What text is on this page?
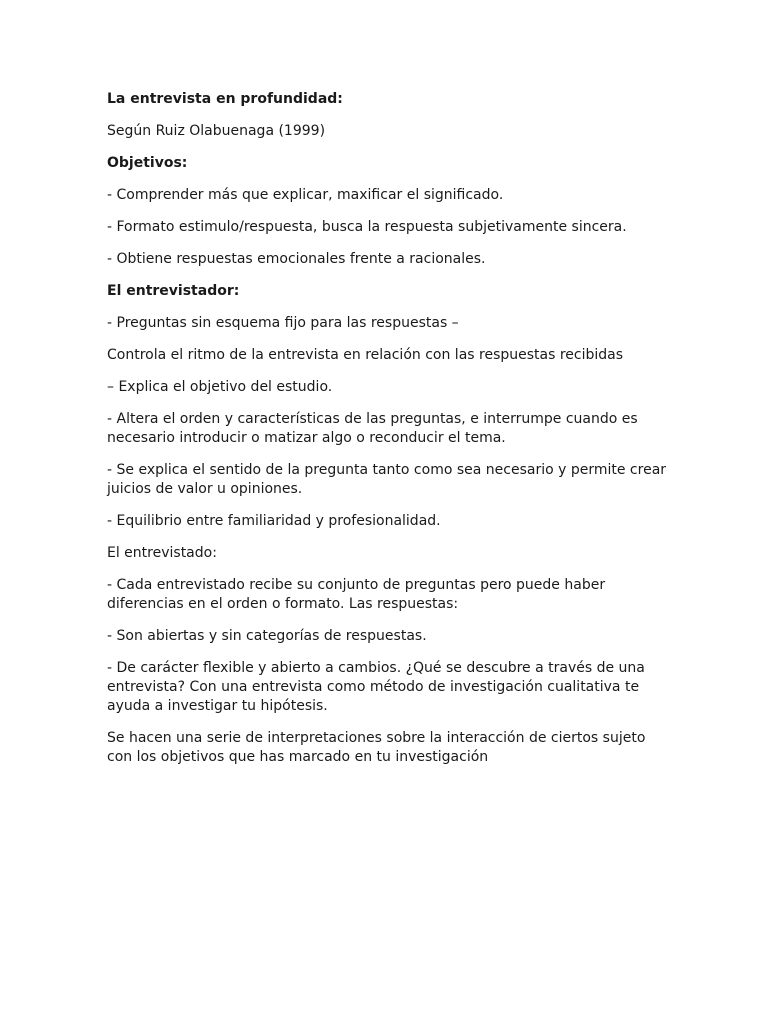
La entrevista en profundidad:

Según Ruiz Olabuenaga (1999)

Objetivos:

- Comprender más que explicar, maxificar el significado.

- Formato estimulo/respuesta, busca la respuesta subjetivamente sincera.

- Obtiene respuestas emocionales frente a racionales.

El entrevistador:

- Preguntas sin esquema fijo para las respuestas –

Controla el ritmo de la entrevista en relación con las respuestas recibidas

– Explica el objetivo del estudio.

- Altera el orden y características de las preguntas, e interrumpe cuando es necesario introducir o matizar algo o reconducir el tema.

- Se explica el sentido de la pregunta tanto como sea necesario y permite crear juicios de valor u opiniones.

- Equilibrio entre familiaridad y profesionalidad.

El entrevistado:

- Cada entrevistado recibe su conjunto de preguntas pero puede haber diferencias en el orden o formato. Las respuestas:

- Son abiertas y sin categorías de respuestas.

- De carácter flexible y abierto a cambios. ¿Qué se descubre a través de una entrevista? Con una entrevista como método de investigación cualitativa te ayuda a investigar tu hipótesis.

Se hacen una serie de interpretaciones sobre la interacción de ciertos sujeto con los objetivos que has marcado en tu investigación
